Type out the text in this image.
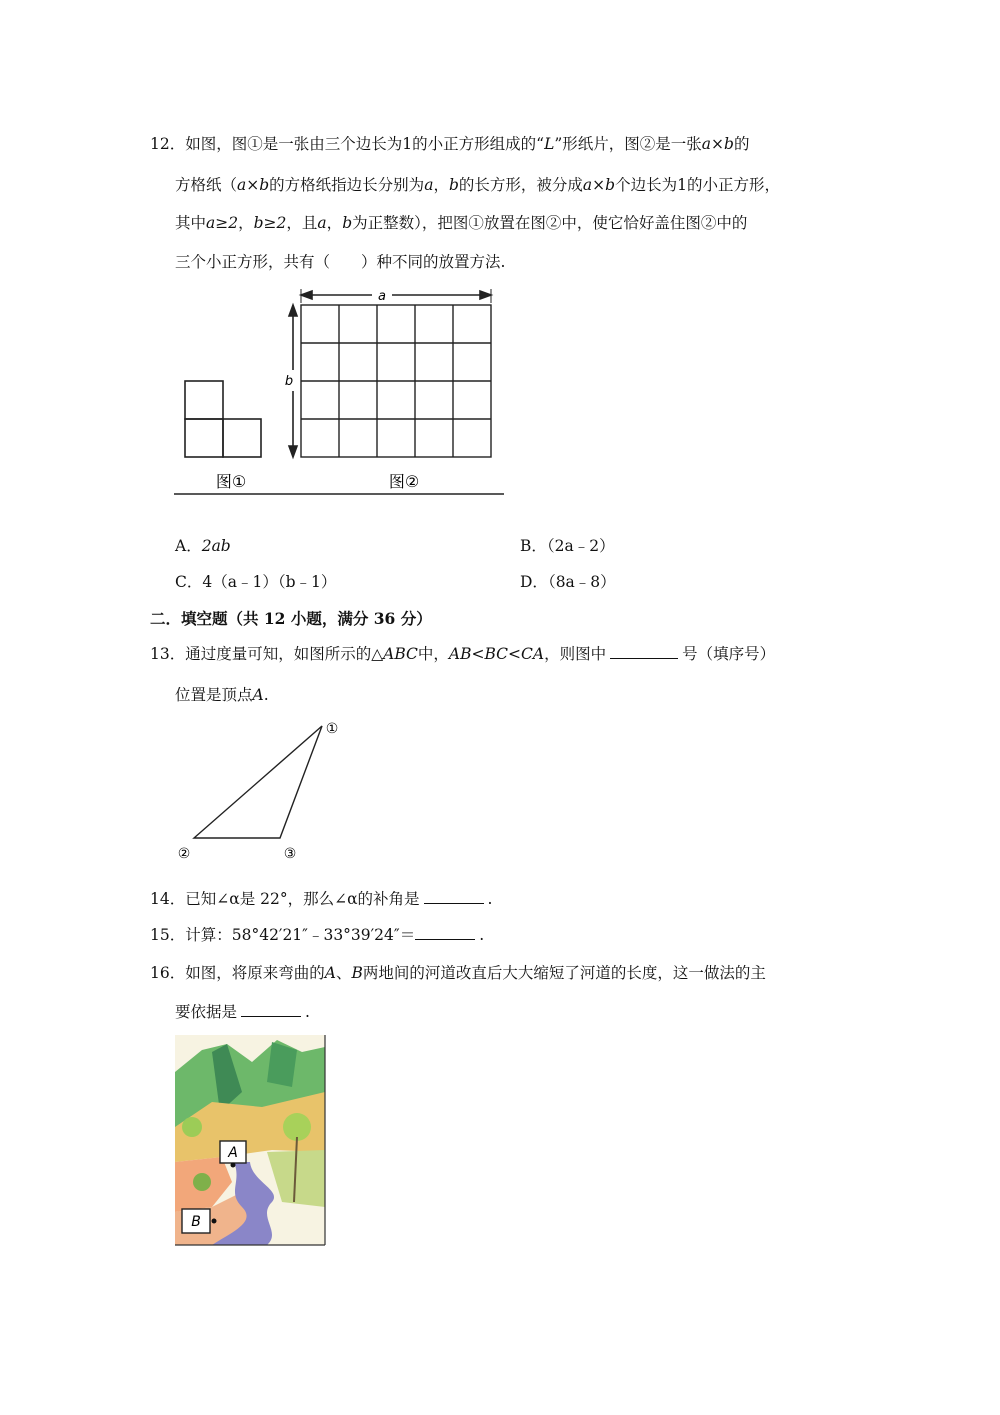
12．如图，图①是一张由三个边长为1的小正方形组成的“L”形纸片，图②是一张a×b的
方格纸（a×b的方格纸指边长分别为a，b的长方形，被分成a×b个边长为1的小正方形，
其中a≥2，b≥2，且a，b为正整数），把图①放置在图②中，使它恰好盖住图②中的
三个小正方形，共有（　　）种不同的放置方法.
a
b
图①	图②
A．2ab	B．（2a﹣2）
C．4（a﹣1）（b﹣1）	D．（8a﹣8）
二．填空题（共 12 小题，满分 36 分）
13．通过度量可知，如图所示的△ABC中，AB<BC<CA，则图中	号（填序号）
位置是顶点A.
①
②	③
14．已知∠α是 22°，那么∠α的补角是	.
15．计算：58°42′21″﹣33°39′24″＝	.
16．如图，将原来弯曲的A、B两地间的河道改直后大大缩短了河道的长度，这一做法的主
要依据是	.
A
B
